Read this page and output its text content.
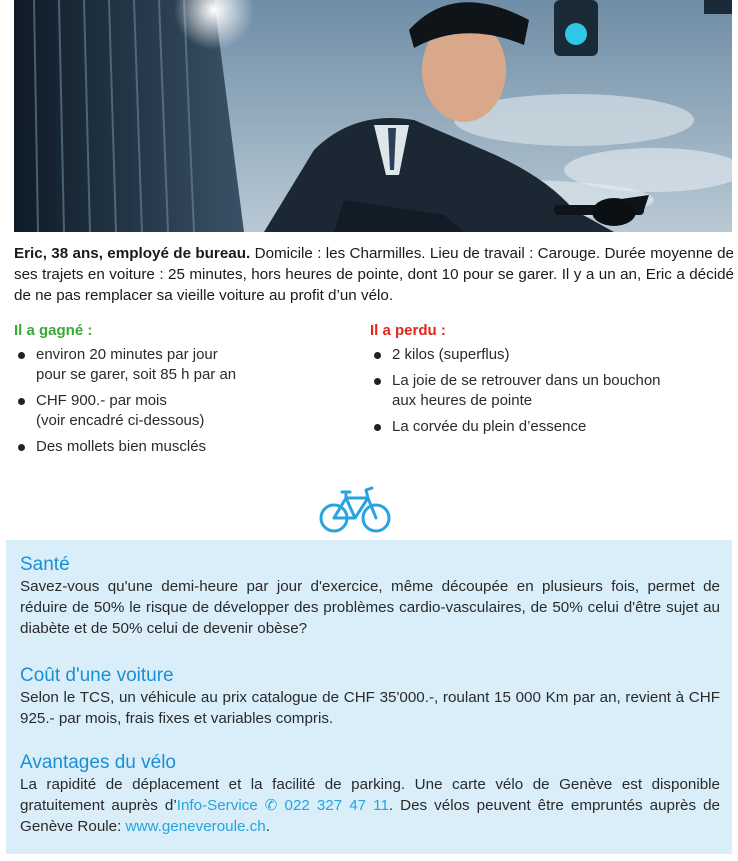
Eric, 38 ans, employé de bureau. Domicile : les Charmilles. Lieu de travail : Carouge. Durée moyenne de ses trajets en voiture : 25 minutes, hors heures de pointe, dont 10 pour se garer. Il y a un an, Eric a décidé de ne pas remplacer sa vieille voiture au profit d’un vélo.
Il a gagné :
environ 20 minutes par jour
pour se garer, soit 85 h par an
CHF 900.- par mois
(voir encadré ci-dessous)
Des mollets bien musclés
Il a perdu :
2 kilos (superflus)
La joie de se retrouver dans un bouchon
aux heures de pointe
La corvée du plein d’essence
Santé

Savez-vous qu'une demi-heure par jour d'exercice, même découpée en plusieurs fois, permet de réduire de 50% le risque de développer des problèmes cardio-vasculaires, de 50% celui d'être sujet au diabète et de 50% celui de devenir obèse?

Coût d'une voiture

Selon le TCS, un véhicule au prix catalogue de CHF 35'000.-, roulant 15 000 Km par an, revient à CHF 925.- par mois, frais fixes et variables compris.

Avantages du vélo

La rapidité de déplacement et la facilité de parking. Une carte vélo de Genève est disponible gratuitement auprès d’Info-Service ✆ 022 327 47 11. Des vélos peuvent être empruntés auprès de Genève Roule: www.geneveroule.ch.
